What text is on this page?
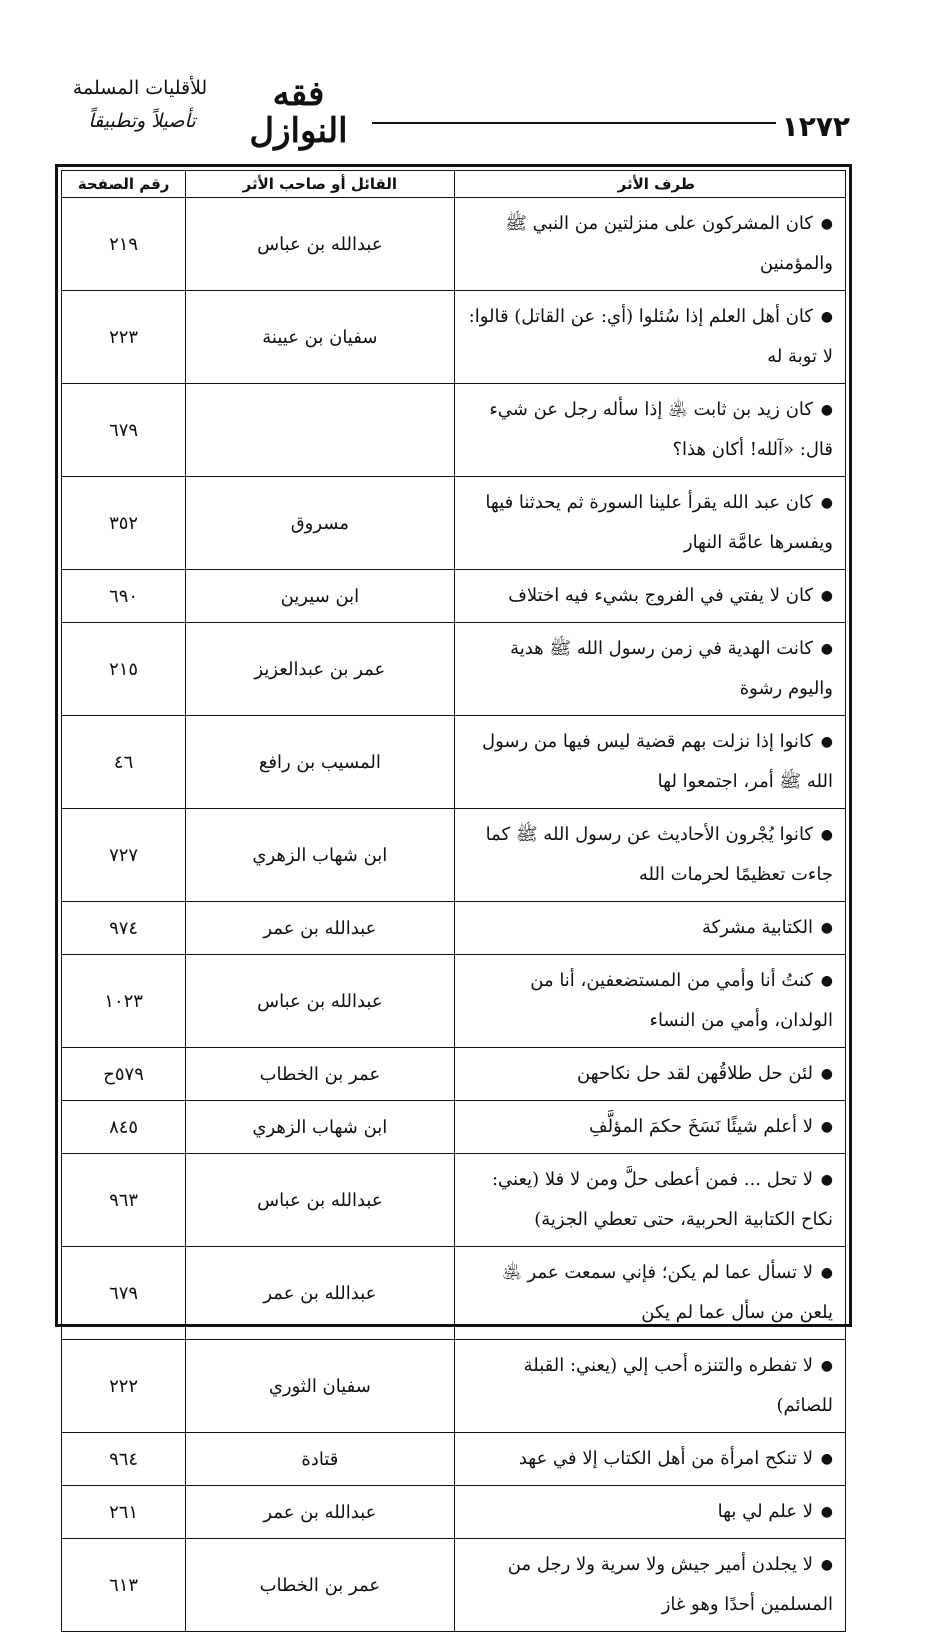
١٢٧٢
فقه النوازل
للأقليات المسلمة
تأصيلاً وتطبيقاً
طرف الأثر	القائل أو صاحب الأثر	رقم الصفحة
●كان المشركون على منزلتين من النبي ﷺ والمؤمنين	عبدالله بن عباس	٢١٩
●كان أهل العلم إذا سُئلوا (أي: عن القاتل) قالوا: لا توبة له	سفيان بن عيينة	٢٢٣
●كان زيد بن ثابت ﵁ إذا سأله رجل عن شيء قال: «آلله! أكان هذا؟		٦٧٩
●كان عبد الله يقرأ علينا السورة ثم يحدثنا فيها ويفسرها عامَّة النهار	مسروق	٣٥٢
●كان لا يفتي في الفروج بشيء فيه اختلاف	ابن سيرين	٦٩٠
●كانت الهدية في زمن رسول الله ﷺ هدية واليوم رشوة	عمر بن عبدالعزيز	٢١٥
●كانوا إذا نزلت بهم قضية ليس فيها من رسول الله ﷺ أمر، اجتمعوا لها	المسيب بن رافع	٤٦
●كانوا يُجْرون الأحاديث عن رسول الله ﷺ كما جاءت تعظيمًا لحرمات الله	ابن شهاب الزهري	٧٢٧
●الكتابية مشركة	عبدالله بن عمر	٩٧٤
●كنتُ أنا وأمي من المستضعفين، أنا من الولدان، وأمي من النساء	عبدالله بن عباس	١٠٢٣
●لئن حل طلاقُهن لقد حل نكاحهن	عمر بن الخطاب	٥٧٩ح
●لا أعلم شيئًا نَسَخَ حكمَ المؤلَّفِ	ابن شهاب الزهري	٨٤٥
●لا تحل ... فمن أعطى حلَّ ومن لا فلا (يعني: نكاح الكتابية الحربية، حتى تعطي الجزية)	عبدالله بن عباس	٩٦٣
●لا تسأل عما لم يكن؛ فإني سمعت عمر ﵁ يلعن من سأل عما لم يكن	عبدالله بن عمر	٦٧٩
●لا تفطره والتنزه أحب إلي (يعني: القبلة للصائم)	سفيان الثوري	٢٢٢
●لا تنكح امرأة من أهل الكتاب إلا في عهد	قتادة	٩٦٤
●لا علم لي بها	عبدالله بن عمر	٢٦١
●لا يجلدن أمير جيش ولا سرية ولا رجل من المسلمين أحدًا وهو غاز	عمر بن الخطاب	٦١٣
